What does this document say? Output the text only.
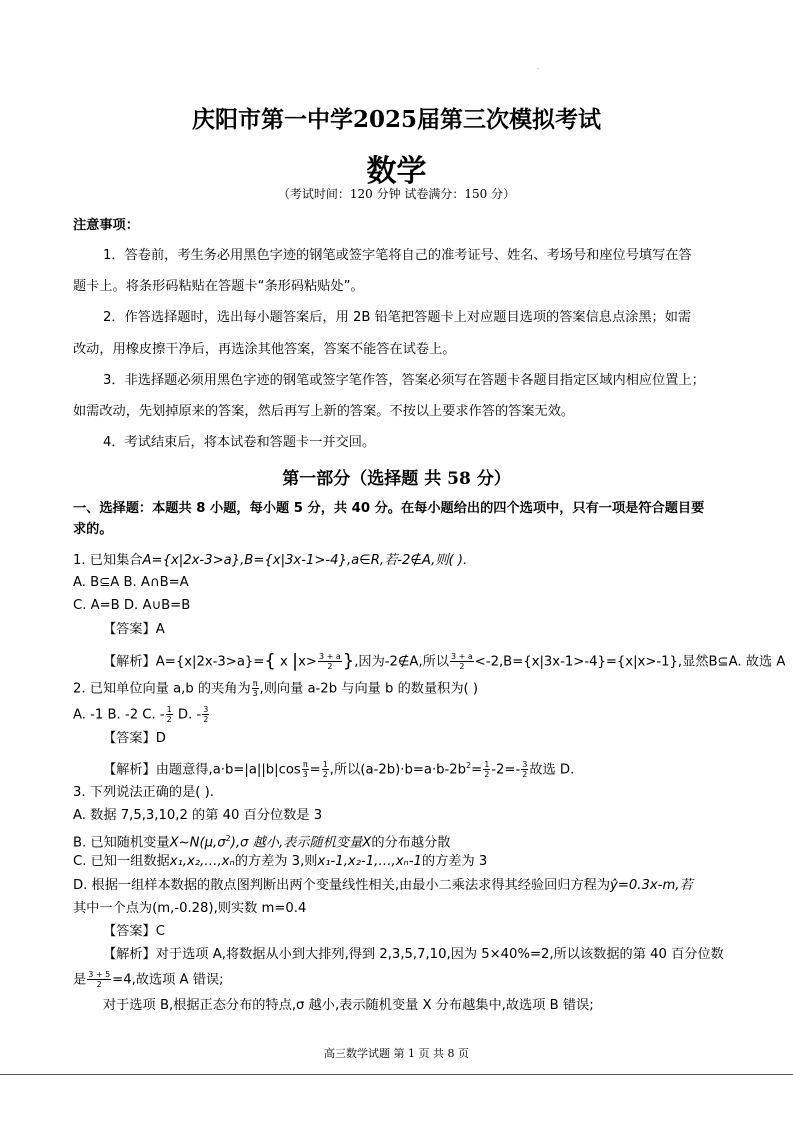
.
庆阳市第一中学2025届第三次模拟考试
数学
（考试时间：120 分钟 试卷满分：150 分）
注意事项：
1．答卷前，考生务必用黑色字迹的钢笔或签字笔将自己的准考证号、姓名、考场号和座位号填写在答
题卡上。将条形码粘贴在答题卡“条形码粘贴处”。
2．作答选择题时，选出每小题答案后，用 2B 铅笔把答题卡上对应题目选项的答案信息点涂黑；如需
改动，用橡皮擦干净后，再选涂其他答案，答案不能答在试卷上。
3．非选择题必须用黑色字迹的钢笔或签字笔作答，答案必须写在答题卡各题目指定区域内相应位置上；
如需改动，先划掉原来的答案，然后再写上新的答案。不按以上要求作答的答案无效。
4．考试结束后，将本试卷和答题卡一并交回。
第一部分（选择题 共 58 分）
一、选择题：本题共 8 小题，每小题 5 分，共 40 分。在每小题给出的四个选项中，只有一项是符合题目要
求的。
1. 已知集合A={x|2x-3>a},B={x|3x-1>-4},a∈R,若-2∉A,则( ).
A. B⊆A B. A∩B=A
C. A=B D. A∪B=B
【答案】A
【解析】A={x|2x-3>a}={ x $|x> \frac{3 + a}{2}$ },因为-2∉A,所以 $\frac{3 + a}{2} <-2,B=\{x|3x-1>-4\}=\{x|x>-1\}$,显然B⊆A. 故选 A
2. 已知单位向量 a,b 的夹角为 $\frac{\pi}{3}$ ,则向量 a-2b 与向量 b 的数量积为( )
A. -1 B. -2 C. - $\frac{1}{2} D$. - $\frac{3}{2}$
【答案】D
【解析】由题意得$,a\cdot b=|a||b|\cos \frac{\pi}{3} = \frac{1}{2}$ ,所以$(a-2b)\cdot b=a\cdot b-2b^2= \frac{1}{2} -2=- \frac{3}{2}$ 故选 D.
3. 下列说法正确的是( ).
A. 数据 7,5,3,10,2 的第 40 百分位数是 3
B. 已知随机变量$X\sim N(\mu,\sigma^2),\sigma$ 越小,表示随机变量X的分布越分散
C. 已知一组数据x₁,x₂,…,xₙ的方差为 3,则x₁-1,x₂-1,…,xₙ-1的方差为 3
D. 根据一组样本数据的散点图判断出两个变量线性相关,由最小二乘法求得其经验回归方程为ŷ=0.3x-m,若
其中一个点为(m,-0.28),则实数 m=0.4
【答案】C
【解析】对于选项 A,将数据从小到大排列,得到 2,3,5,7,10,因为 5×40%=2,所以该数据的第 40 百分位数
是 $\frac{3 + 5}{2} =4$,故选项 A 错误;
对于选项 B,根据正态分布的特点,σ 越小,表示随机变量 X 分布越集中,故选项 B 错误;
高三数学试题 第 1 页 共 8 页
